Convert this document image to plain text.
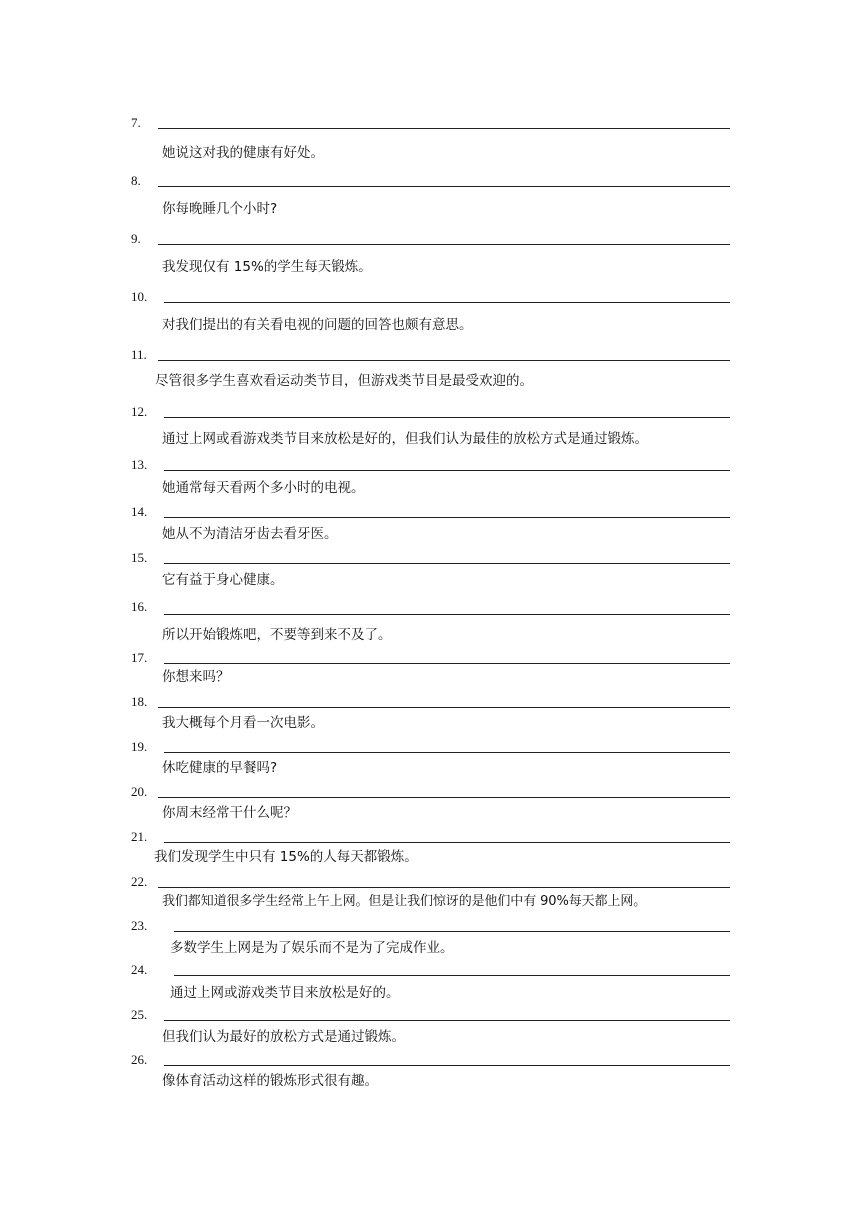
7.
她说这对我的健康有好处。
8.
你每晚睡几个小时?
9.
我发现仅有 15%的学生每天锻炼。
10.
对我们提出的有关看电视的问题的回答也颇有意思。
11.
尽管很多学生喜欢看运动类节目，但游戏类节目是最受欢迎的。
12.
通过上网或看游戏类节目来放松是好的，但我们认为最佳的放松方式是通过锻炼。
13.
她通常每天看两个多小时的电视。
14.
她从不为清洁牙齿去看牙医。
15.
它有益于身心健康。
16.
所以开始锻炼吧，不要等到来不及了。
17.
你想来吗？
18.
我大概每个月看一次电影。
19.
休吃健康的早餐吗?
20.
你周末经常干什么呢？
21.
我们发现学生中只有 15%的人每天都锻炼。
22.
我们都知道很多学生经常上午上网。但是让我们惊讶的是他们中有 90%每天都上网。
23.
多数学生上网是为了娱乐而不是为了完成作业。
24.
通过上网或游戏类节目来放松是好的。
25.
但我们认为最好的放松方式是通过锻炼。
26.
像体育活动这样的锻炼形式很有趣。
